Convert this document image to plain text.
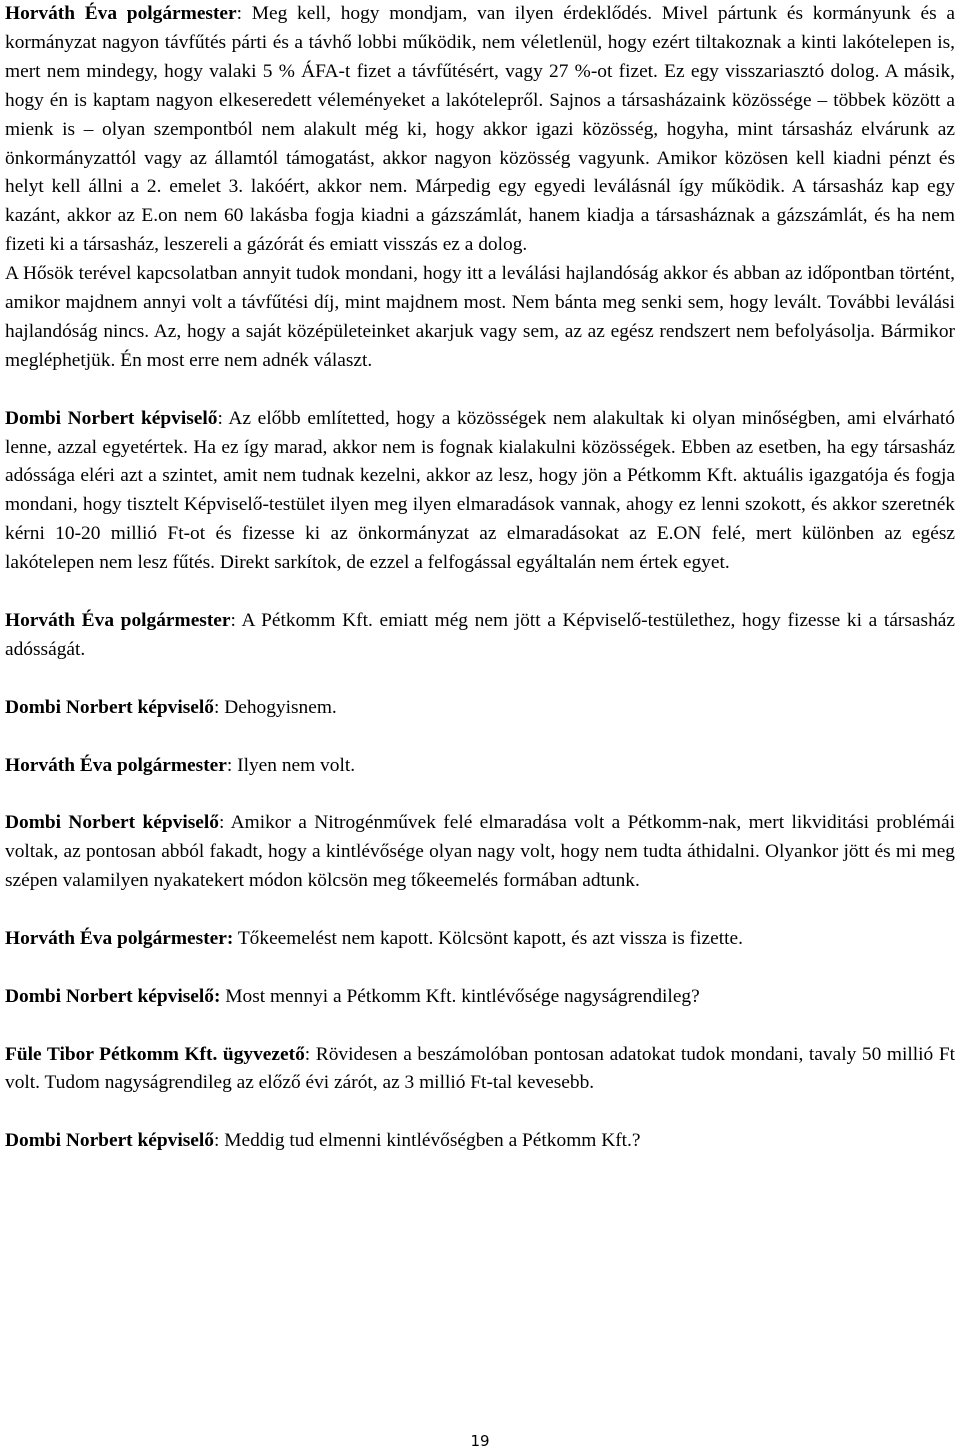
Horváth Éva polgármester: Meg kell, hogy mondjam, van ilyen érdeklődés. Mivel pártunk és kormányunk és a kormányzat nagyon távfűtés párti és a távhő lobbi működik, nem véletlenül, hogy ezért tiltakoznak a kinti lakótelepen is, mert nem mindegy, hogy valaki 5 % ÁFA-t fizet a távfűtésért, vagy 27 %-ot fizet. Ez egy visszariasztó dolog. A másik, hogy én is kaptam nagyon elkeseredett véleményeket a lakótelepről. Sajnos a társasházaink közössége – többek között a mienk is – olyan szempontból nem alakult még ki, hogy akkor igazi közösség, hogyha, mint társasház elvárunk az önkormányzattól vagy az államtól támogatást, akkor nagyon közösség vagyunk. Amikor közösen kell kiadni pénzt és helyt kell állni a 2. emelet 3. lakóért, akkor nem. Márpedig egy egyedi leválásnál így működik. A társasház kap egy kazánt, akkor az E.on nem 60 lakásba fogja kiadni a gázszámlát, hanem kiadja a társasháznak a gázszámlát, és ha nem fizeti ki a társasház, leszereli a gázórát és emiatt visszás ez a dolog.

A Hősök terével kapcsolatban annyit tudok mondani, hogy itt a leválási hajlandóság akkor és abban az időpontban történt, amikor majdnem annyi volt a távfűtési díj, mint majdnem most. Nem bánta meg senki sem, hogy levált. További leválási hajlandóság nincs. Az, hogy a saját középületeinket akarjuk vagy sem, az az egész rendszert nem befolyásolja. Bármikor megléphetjük. Én most erre nem adnék választ.

Dombi Norbert képviselő: Az előbb említetted, hogy a közösségek nem alakultak ki olyan minőségben, ami elvárható lenne, azzal egyetértek. Ha ez így marad, akkor nem is fognak kialakulni közösségek. Ebben az esetben, ha egy társasház adóssága eléri azt a szintet, amit nem tudnak kezelni, akkor az lesz, hogy jön a Pétkomm Kft. aktuális igazgatója és fogja mondani, hogy tisztelt Képviselő-testület ilyen meg ilyen elmaradások vannak, ahogy ez lenni szokott, és akkor szeretnék kérni 10-20 millió Ft-ot és fizesse ki az önkormányzat az elmaradásokat az E.ON felé, mert különben az egész lakótelepen nem lesz fűtés. Direkt sarkítok, de ezzel a felfogással egyáltalán nem értek egyet.

Horváth Éva polgármester: A Pétkomm Kft. emiatt még nem jött a Képviselő-testülethez, hogy fizesse ki a társasház adósságát.

Dombi Norbert képviselő: Dehogyisnem.

Horváth Éva polgármester: Ilyen nem volt.

Dombi Norbert képviselő: Amikor a Nitrogénművek felé elmaradása volt a Pétkomm-nak, mert likviditási problémái voltak, az pontosan abból fakadt, hogy a kintlévősége olyan nagy volt, hogy nem tudta áthidalni. Olyankor jött és mi meg szépen valamilyen nyakatekert módon kölcsön meg tőkeemelés formában adtunk.

Horváth Éva polgármester: Tőkeemelést nem kapott. Kölcsönt kapott, és azt vissza is fizette.

Dombi Norbert képviselő: Most mennyi a Pétkomm Kft. kintlévősége nagyságrendileg?

Füle Tibor Pétkomm Kft. ügyvezető: Rövidesen a beszámolóban pontosan adatokat tudok mondani, tavaly 50 millió Ft volt. Tudom nagyságrendileg az előző évi zárót, az 3 millió Ft-tal kevesebb.

Dombi Norbert képviselő: Meddig tud elmenni kintlévőségben a Pétkomm Kft.?

19
